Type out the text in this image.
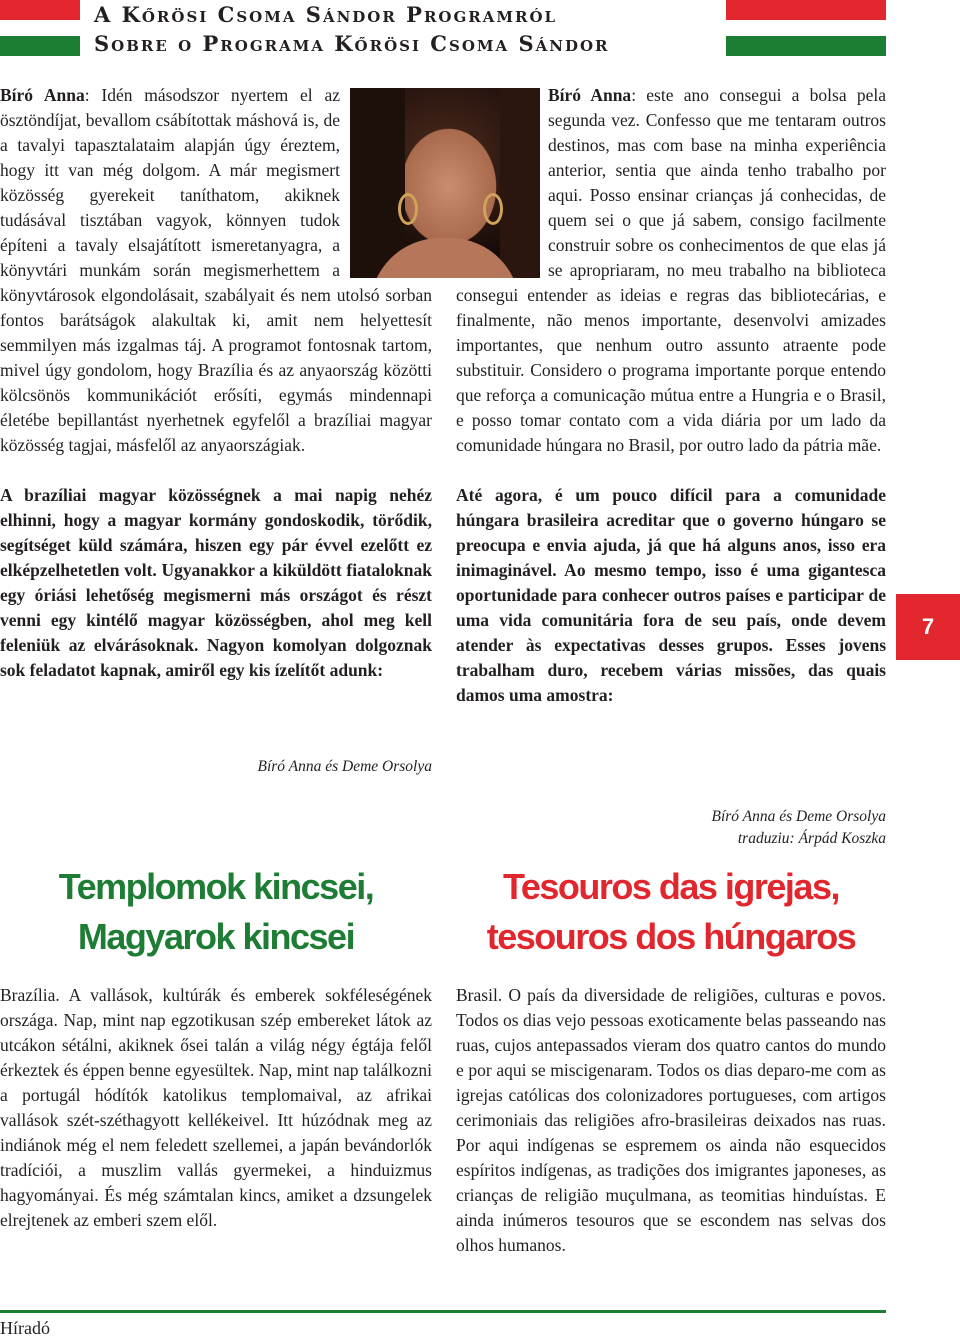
A Kőrösi Csoma Sándor Programról
Sobre o Programa Kőrösi Csoma Sándor

Bíró Anna: Idén másodszor nyertem el az ösztöndíjat, bevallom csábítottak máshová is, de a tavalyi tapasztalataim alapján úgy éreztem, hogy itt van még dolgom. A már megismert közösség gyerekeit taníthatom, akiknek tudásával tisztában vagyok, könnyen tudok építeni a tavaly elsajátított ismeretanyagra, a könyvtári munkám során megismerhettem a könyvtárosok elgondolásait, szabályait és nem utolsó sorban fontos barátságok alakultak ki, amit nem helyettesít semmilyen más izgalmas táj. A programot fontosnak tartom, mivel úgy gondolom, hogy Brazília és az anyaország közötti kölcsönös kommunikációt erősíti, egymás mindennapi életébe bepillantást nyerhetnek egyfelől a brazíliai magyar közösség tagjai, másfelől az anyaországiak.

A brazíliai magyar közösségnek a mai napig nehéz elhinni, hogy a magyar kormány gondoskodik, törődik, segítséget küld számára, hiszen egy pár évvel ezelőtt ez elképzelhetetlen volt. Ugyanakkor a kiküldött fiataloknak egy óriási lehetőség megismerni más országot és részt venni egy kintélő magyar közösségben, ahol meg kell feleniük az elvárásoknak. Nagyon komolyan dolgoznak sok feladatot kapnak, amiről egy kis ízelítőt adunk:

Bíró Anna: este ano consegui a bolsa pela segunda vez. Confesso que me tentaram outros destinos, mas com base na minha experiência anterior, sentia que ainda tenho trabalho por aqui. Posso ensinar crianças já conhecidas, de quem sei o que já sabem, consigo facilmente construir sobre os conhecimentos de que elas já se apropriaram, no meu trabalho na biblioteca consegui entender as ideias e regras das bibliotecárias, e finalmente, não menos importante, desenvolvi amizades importantes, que nenhum outro assunto atraente pode substituir. Considero o programa importante porque entendo que reforça a comunicação mútua entre a Hungria e o Brasil, e posso tomar contato com a vida diária por um lado da comunidade húngara no Brasil, por outro lado da pátria mãe.

Até agora, é um pouco difícil para a comunidade húngara brasileira acreditar que o governo húngaro se preocupa e envia ajuda, já que há alguns anos, isso era inimaginável. Ao mesmo tempo, isso é uma gigantesca oportunidade para conhecer outros países e participar de uma vida comunitária fora de seu país, onde devem atender às expectativas desses grupos. Esses jovens trabalham duro, recebem várias missões, das quais damos uma amostra:

Bíró Anna és Deme Orsolya
Bíró Anna és Deme Orsolya
traduziu: Árpád Koszka
Templomok kincsei,
Magyarok kincsei
Tesouros das igrejas,
tesouros dos húngaros

Brazília. A vallások, kultúrák és emberek sokféleségének országa. Nap, mint nap egzotikusan szép embereket látok az utcákon sétálni, akiknek ősei talán a világ négy égtája felől érkeztek és éppen benne egyesültek. Nap, mint nap találkozni a portugál hódítók katolikus templomaival, az afrikai vallások szét-széthagyott kellékeivel. Itt húzódnak meg az indiánok még el nem feledett szellemei, a japán bevándorlók tradíciói, a muszlim vallás gyermekei, a hinduizmus hagyományai. És még számtalan kincs, amiket a dzsungelek elrejtenek az emberi szem elől.

Brasil. O país da diversidade de religiões, culturas e povos. Todos os dias vejo pessoas exoticamente belas passeando nas ruas, cujos antepassados vieram dos quatro cantos do mundo e por aqui se miscigenaram. Todos os dias deparo-me com as igrejas católicas dos colonizadores portugueses, com artigos cerimoniais das religiões afro-brasileiras deixados nas ruas. Por aqui indígenas se espremem os ainda não esquecidos espíritos indígenas, as tradições dos imigrantes japoneses, as crianças de religião muçulmana, as teomitias hinduístas. E ainda inúmeros tesouros que se escondem nas selvas dos olhos humanos.

7
Híradó
